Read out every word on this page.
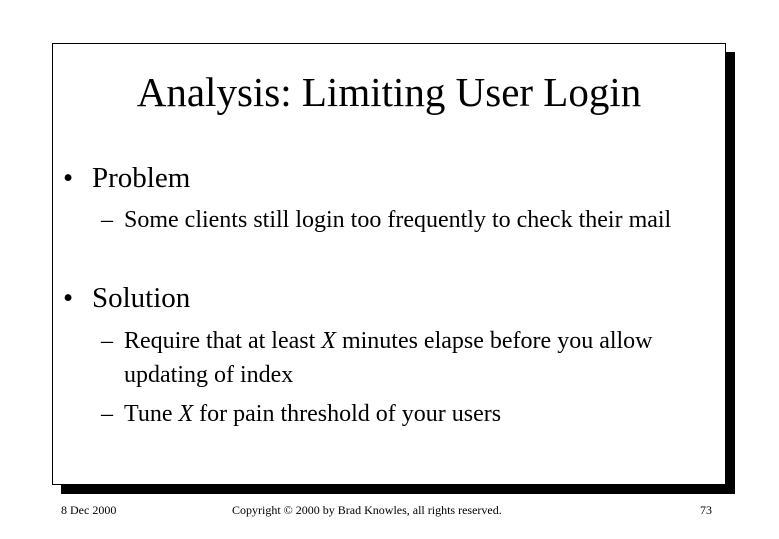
Analysis: Limiting User Login
• Problem
– Some clients still login too frequently to check their mail
• Solution
– Require that at least X minutes elapse before you allow updating of index
– Tune X for pain threshold of your users
8 Dec 2000	Copyright © 2000 by Brad Knowles, all rights reserved.	73
